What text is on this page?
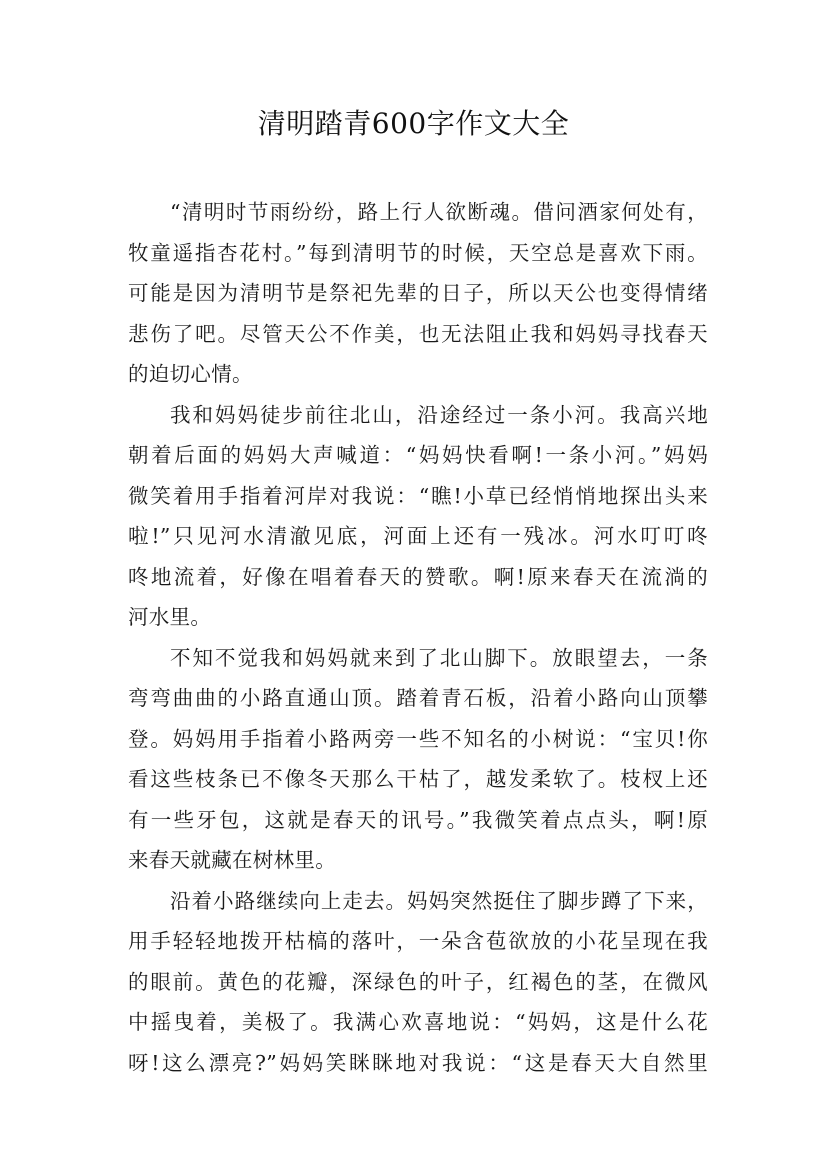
清明踏青600字作文大全
“清明时节雨纷纷，路上行人欲断魂。借问酒家何处有，
牧童遥指杏花村。”每到清明节的时候，天空总是喜欢下雨。
可能是因为清明节是祭祀先辈的日子，所以天公也变得情绪
悲伤了吧。尽管天公不作美，也无法阻止我和妈妈寻找春天
的迫切心情。
我和妈妈徒步前往北山，沿途经过一条小河。我高兴地
朝着后面的妈妈大声喊道：“妈妈快看啊!一条小河。”妈妈
微笑着用手指着河岸对我说：“瞧!小草已经悄悄地探出头来
啦!”只见河水清澈见底，河面上还有一残冰。河水叮叮咚
咚地流着，好像在唱着春天的赞歌。啊!原来春天在流淌的
河水里。
不知不觉我和妈妈就来到了北山脚下。放眼望去，一条
弯弯曲曲的小路直通山顶。踏着青石板，沿着小路向山顶攀
登。妈妈用手指着小路两旁一些不知名的小树说：“宝贝!你
看这些枝条已不像冬天那么干枯了，越发柔软了。枝杈上还
有一些牙包，这就是春天的讯号。”我微笑着点点头，啊!原
来春天就藏在树林里。
沿着小路继续向上走去。妈妈突然挺住了脚步蹲了下来，
用手轻轻地拨开枯槁的落叶，一朵含苞欲放的小花呈现在我
的眼前。黄色的花瓣，深绿色的叶子，红褐色的茎，在微风
中摇曳着，美极了。我满心欢喜地说：“妈妈，这是什么花
呀!这么漂亮?”妈妈笑眯眯地对我说：“这是春天大自然里
